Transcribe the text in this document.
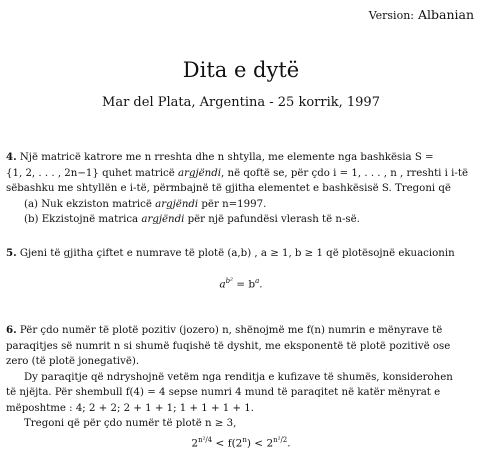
Version: Albanian
Dita e dytë
Mar del Plata, Argentina - 25 korrik, 1997
4. Një matricë katrore me n rreshta dhe n shtylla, me elemente nga bashkësia S =
{1, 2, . . . , 2n−1} quhet matricë argjëndi, në qoftë se, për çdo i = 1, . . . , n , rreshti i i-të
sëbashku me shtyllën e i-të, përmbajnë të gjitha elementet e bashkësisë S. Tregoni që
(a) Nuk ekziston matricë argjëndi për n=1997.
(b) Ekzistojnë matrica argjëndi për një pafundësi vlerash të n-së.
5. Gjeni të gjitha çiftet e numrave të plotë (a,b) , a ≥ 1, b ≥ 1 që plotësojnë ekuacionin
$a^{b^2} = b^a$.
6. Për çdo numër të plotë pozitiv (jozero) n, shënojmë me f(n) numrin e mënyrave të
paraqitjes së numrit n si shumë fuqishë të dyshit, me eksponentë të plotë pozitivë ose
zero (të plotë jonegativë).
Dy paraqitje që ndryshojnë vetëm nga renditja e kufizave të shumës, konsiderohen
të njëjta. Për shembull f(4) = 4 sepse numri 4 mund të paraqitet në katër mënyrat e
mëposhtme : 4; 2 + 2; 2 + 1 + 1; 1 + 1 + 1 + 1.
Tregoni që për çdo numër të plotë n ≥ 3,
$2^{n^2/4} < f(2^n) < 2^{n^2/2}$.
